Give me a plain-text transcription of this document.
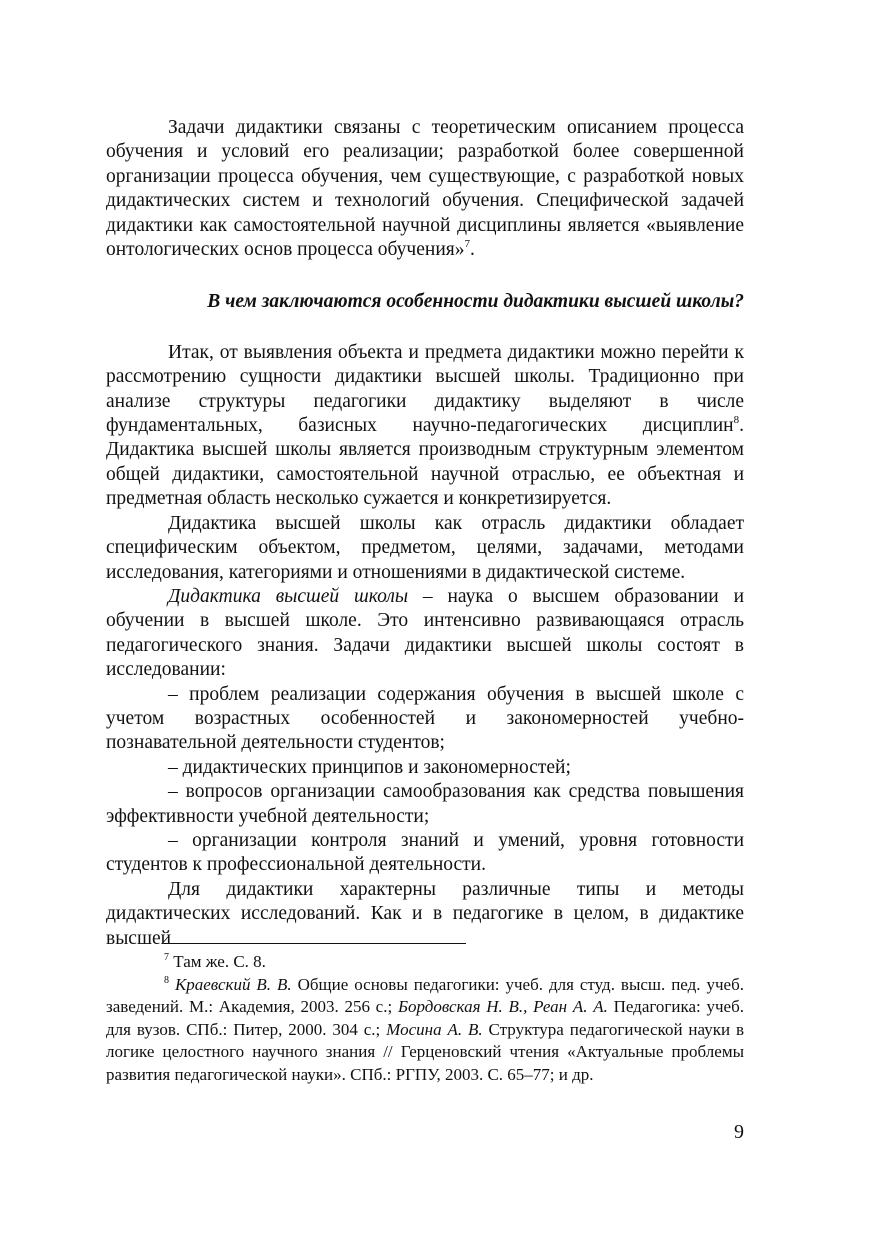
Задачи дидактики связаны с теоретическим описанием процесса обучения и условий его реализации; разработкой более совершенной организации процесса обучения, чем существующие, с разработкой новых дидактических систем и технологий обучения. Специфической задачей дидактики как самостоятельной научной дисциплины является «выявление онтологических основ процесса обучения»$^7$.

В чем заключаются особенности дидактики высшей школы?

Итак, от выявления объекта и предмета дидактики можно перейти к рассмотрению сущности дидактики высшей школы. Традиционно при анализе структуры педагогики дидактику выделяют в числе фундаментальных, базисных научно-педагогических дисциплин$^8$. Дидактика высшей школы является производным структурным элементом общей дидактики, самостоятельной научной отраслью, ее объектная и предметная область несколько сужается и конкретизируется.

Дидактика высшей школы как отрасль дидактики обладает специфическим объектом, предметом, целями, задачами, методами исследования, категориями и отношениями в дидактической системе.

Дидактика высшей школы – наука о высшем образовании и обучении в высшей школе. Это интенсивно развивающаяся отрасль педагогического знания. Задачи дидактики высшей школы состоят в исследовании:

– проблем реализации содержания обучения в высшей школе с учетом возрастных особенностей и закономерностей учебно-познавательной деятельности студентов;

– дидактических принципов и закономерностей;

– вопросов организации самообразования как средства повышения эффективности учебной деятельности;

– организации контроля знаний и умений, уровня готовности студентов к профессиональной деятельности.

Для дидактики характерны различные типы и методы дидактических исследований. Как и в педагогике в целом, в дидактике высшей

$^7$ Там же. С. 8.

$^8$ Краевский В. В. Общие основы педагогики: учеб. для студ. высш. пед. учеб. заведений. М.: Академия, 2003. 256 с.; Бордовская Н. В., Реан А. А. Педагогика: учеб. для вузов. СПб.: Питер, 2000. 304 с.; Мосина А. В. Структура педагогической науки в логике целостного научного знания // Герценовский чтения «Актуальные проблемы развития педагогической науки». СПб.: РГПУ, 2003. С. 65–77; и др.

9
